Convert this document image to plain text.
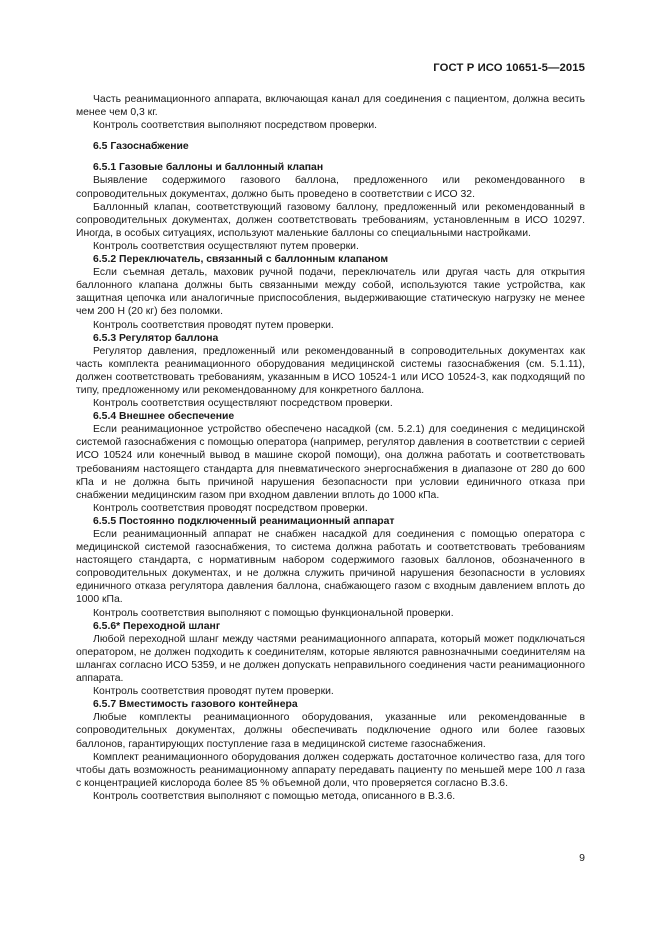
ГОСТ Р ИСО 10651-5—2015

Часть реанимационного аппарата, включающая канал для соединения с пациентом, должна весить менее чем 0,3 кг.

Контроль соответствия выполняют посредством проверки.

6.5 Газоснабжение

6.5.1 Газовые баллоны и баллонный клапан

Выявление содержимого газового баллона, предложенного или рекомендованного в сопроводительных документах, должно быть проведено в соответствии с ИСО 32.

Баллонный клапан, соответствующий газовому баллону, предложенный или рекомендованный в сопроводительных документах, должен соответствовать требованиям, установленным в ИСО 10297. Иногда, в особых ситуациях, используют маленькие баллоны со специальными настройками.

Контроль соответствия осуществляют путем проверки.

6.5.2 Переключатель, связанный с баллонным клапаном

Если съемная деталь, маховик ручной подачи, переключатель или другая часть для открытия баллонного клапана должны быть связанными между собой, используются такие устройства, как защитная цепочка или аналогичные приспособления, выдерживающие статическую нагрузку не менее чем 200 Н (20 кг) без поломки.

Контроль соответствия проводят путем проверки.

6.5.3 Регулятор баллона

Регулятор давления, предложенный или рекомендованный в сопроводительных документах как часть комплекта реанимационного оборудования медицинской системы газоснабжения (см. 5.1.11), должен соответствовать требованиям, указанным в ИСО 10524-1 или ИСО 10524-3, как подходящий по типу, предложенному или рекомендованному для конкретного баллона.

Контроль соответствия осуществляют посредством проверки.

6.5.4 Внешнее обеспечение

Если реанимационное устройство обеспечено насадкой (см. 5.2.1) для соединения с медицинской системой газоснабжения с помощью оператора (например, регулятор давления в соответствии с серией ИСО 10524 или конечный вывод в машине скорой помощи), она должна работать и соответствовать требованиям настоящего стандарта для пневматического энергоснабжения в диапазоне от 280 до 600 кПа и не должна быть причиной нарушения безопасности при условии единичного отказа при снабжении медицинским газом при входном давлении вплоть до 1000 кПа.

Контроль соответствия проводят посредством проверки.

6.5.5 Постоянно подключенный реанимационный аппарат

Если реанимационный аппарат не снабжен насадкой для соединения с помощью оператора с медицинской системой газоснабжения, то система должна работать и соответствовать требованиям настоящего стандарта, с нормативным набором содержимого газовых баллонов, обозначенного в сопроводительных документах, и не должна служить причиной нарушения безопасности в условиях единичного отказа регулятора давления баллона, снабжающего газом с входным давлением вплоть до 1000 кПа.

Контроль соответствия выполняют с помощью функциональной проверки.

6.5.6* Переходной шланг

Любой переходной шланг между частями реанимационного аппарата, который может подключаться оператором, не должен подходить к соединителям, которые являются равнозначными соединителям на шлангах согласно ИСО 5359, и не должен допускать неправильного соединения части реанимационного аппарата.

Контроль соответствия проводят путем проверки.

6.5.7 Вместимость газового контейнера

Любые комплекты реанимационного оборудования, указанные или рекомендованные в сопроводительных документах, должны обеспечивать подключение одного или более газовых баллонов, гарантирующих поступление газа в медицинской системе газоснабжения.

Комплект реанимационного оборудования должен содержать достаточное количество газа, для того чтобы дать возможность реанимационному аппарату передавать пациенту по меньшей мере 100 л газа с концентрацией кислорода более 85 % объемной доли, что проверяется согласно В.3.6.

Контроль соответствия выполняют с помощью метода, описанного в В.3.6.

9
